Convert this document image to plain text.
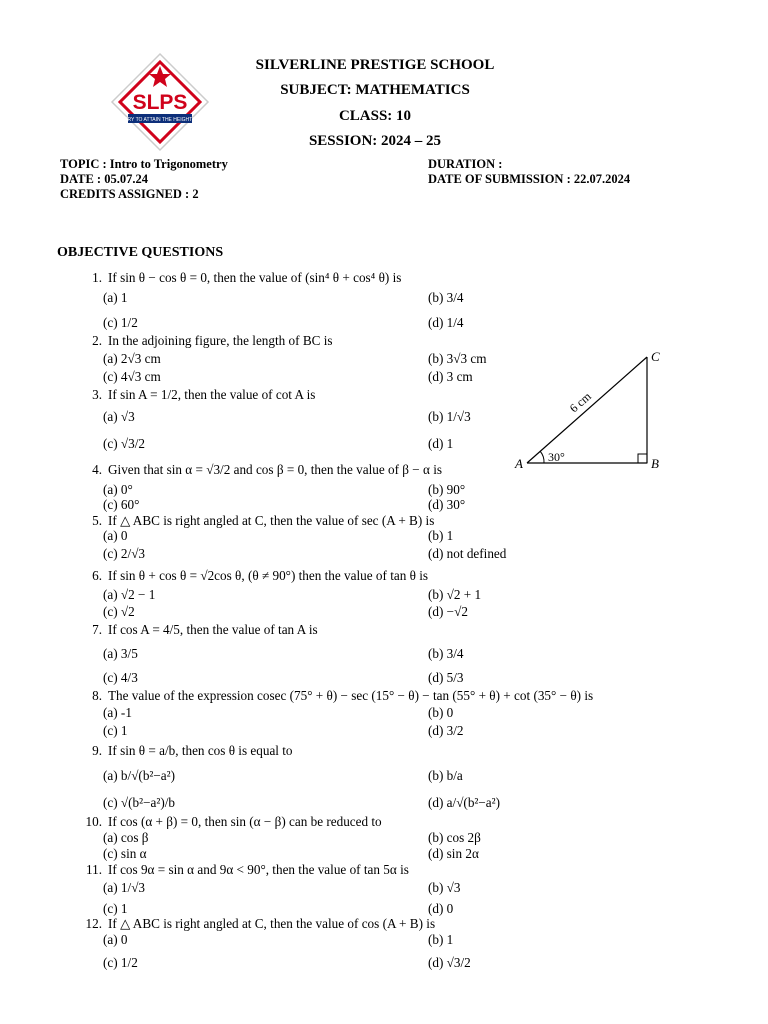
SLPS
TRY TO ATTAIN THE HEIGHTS
SILVERLINE PRESTIGE SCHOOL
SUBJECT: MATHEMATICS
CLASS: 10
SESSION: 2024 – 25
TOPIC : Intro to Trigonometry
DATE : 05.07.24
CREDITS ASSIGNED : 2
DURATION :
DATE OF SUBMISSION : 22.07.2024
OBJECTIVE QUESTIONS
A	B
C
30°
6 cm
1. If sin θ − cos θ = 0, then the value of (sin⁴ θ + cos⁴ θ) is
(a) 1	(b) 3/4
(c) 1/2	(d) 1/4
2. In the adjoining figure, the length of BC is
(a) 2√3 cm	(b) 3√3 cm
(c) 4√3 cm	(d) 3 cm
3. If sin A = 1/2, then the value of cot A is
(a) √3	(b) 1/√3
(c) √3/2	(d) 1
4. Given that sin α = √3/2 and cos β = 0, then the value of β − α is
(a) 0°	(b) 90°
(c) 60°	(d) 30°
5. If △ ABC is right angled at C, then the value of sec (A + B) is
(a) 0	(b) 1
(c) 2/√3	(d) not defined
6. If sin θ + cos θ = √2cos θ, (θ ≠ 90°) then the value of tan θ is
(a) √2 − 1	(b) √2 + 1
(c) √2	(d) −√2
7. If cos A = 4/5, then the value of tan A is
(a) 3/5	(b) 3/4
(c) 4/3	(d) 5/3
8. The value of the expression cosec (75° + θ) − sec (15° − θ) − tan (55° + θ) + cot (35° − θ) is
(a) -1	(b) 0
(c) 1	(d) 3/2
9. If sin θ = a/b, then cos θ is equal to
(a) b/√(b²−a²)	(b) b/a
(c) √(b²−a²)/b	(d) a/√(b²−a²)
10. If cos (α + β) = 0, then sin (α − β) can be reduced to
(a) cos β	(b) cos 2β
(c) sin α	(d) sin 2α
11. If cos 9α = sin α and 9α < 90°, then the value of tan 5α is
(a) 1/√3	(b) √3
(c) 1	(d) 0
12. If △ ABC is right angled at C, then the value of cos (A + B) is
(a) 0	(b) 1
(c) 1/2	(d) √3/2
